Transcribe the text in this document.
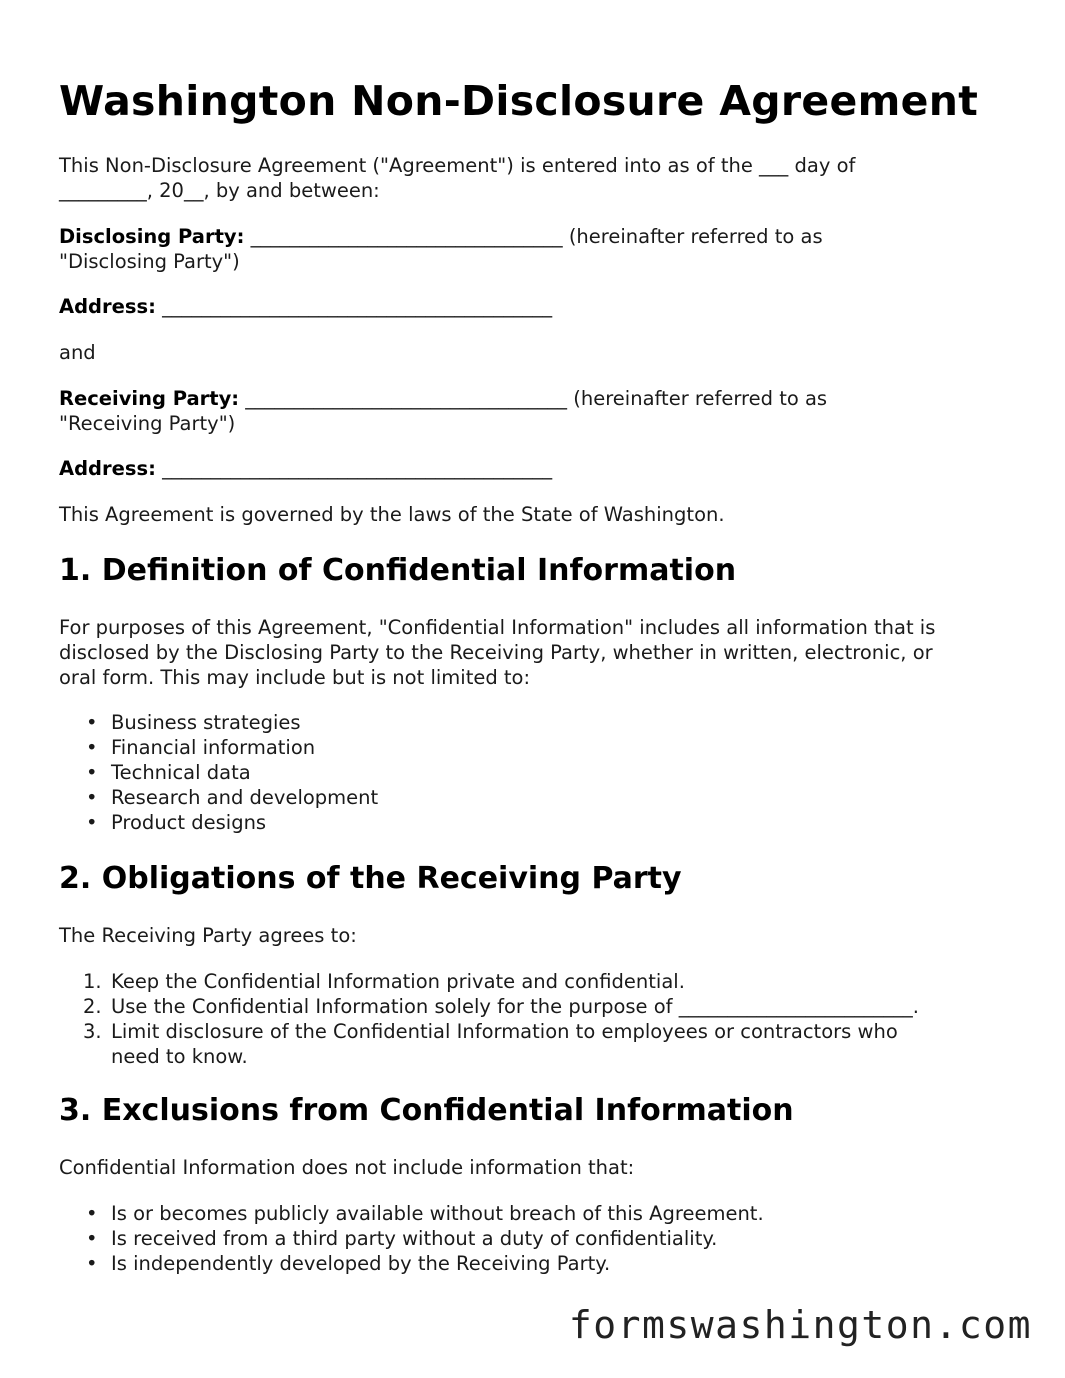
Washington Non-Disclosure Agreement
This Non-Disclosure Agreement ("Agreement") is entered into as of the ___ day of
_________, 20__, by and between:
Disclosing Party: ________________________________ (hereinafter referred to as
"Disclosing Party")
Address: ________________________________________
and
Receiving Party: _________________________________ (hereinafter referred to as
"Receiving Party")
Address: ________________________________________
This Agreement is governed by the laws of the State of Washington.
1. Definition of Confidential Information
For purposes of this Agreement, "Confidential Information" includes all information that is
disclosed by the Disclosing Party to the Receiving Party, whether in written, electronic, or
oral form. This may include but is not limited to:
• Business strategies
• Financial information
• Technical data
• Research and development
• Product designs
2. Obligations of the Receiving Party
The Receiving Party agrees to:
1. Keep the Confidential Information private and confidential.
2. Use the Confidential Information solely for the purpose of ________________________.
3. Limit disclosure of the Confidential Information to employees or contractors who
need to know.
3. Exclusions from Confidential Information
Confidential Information does not include information that:
• Is or becomes publicly available without breach of this Agreement.
• Is received from a third party without a duty of confidentiality.
• Is independently developed by the Receiving Party.
formswashington.com
